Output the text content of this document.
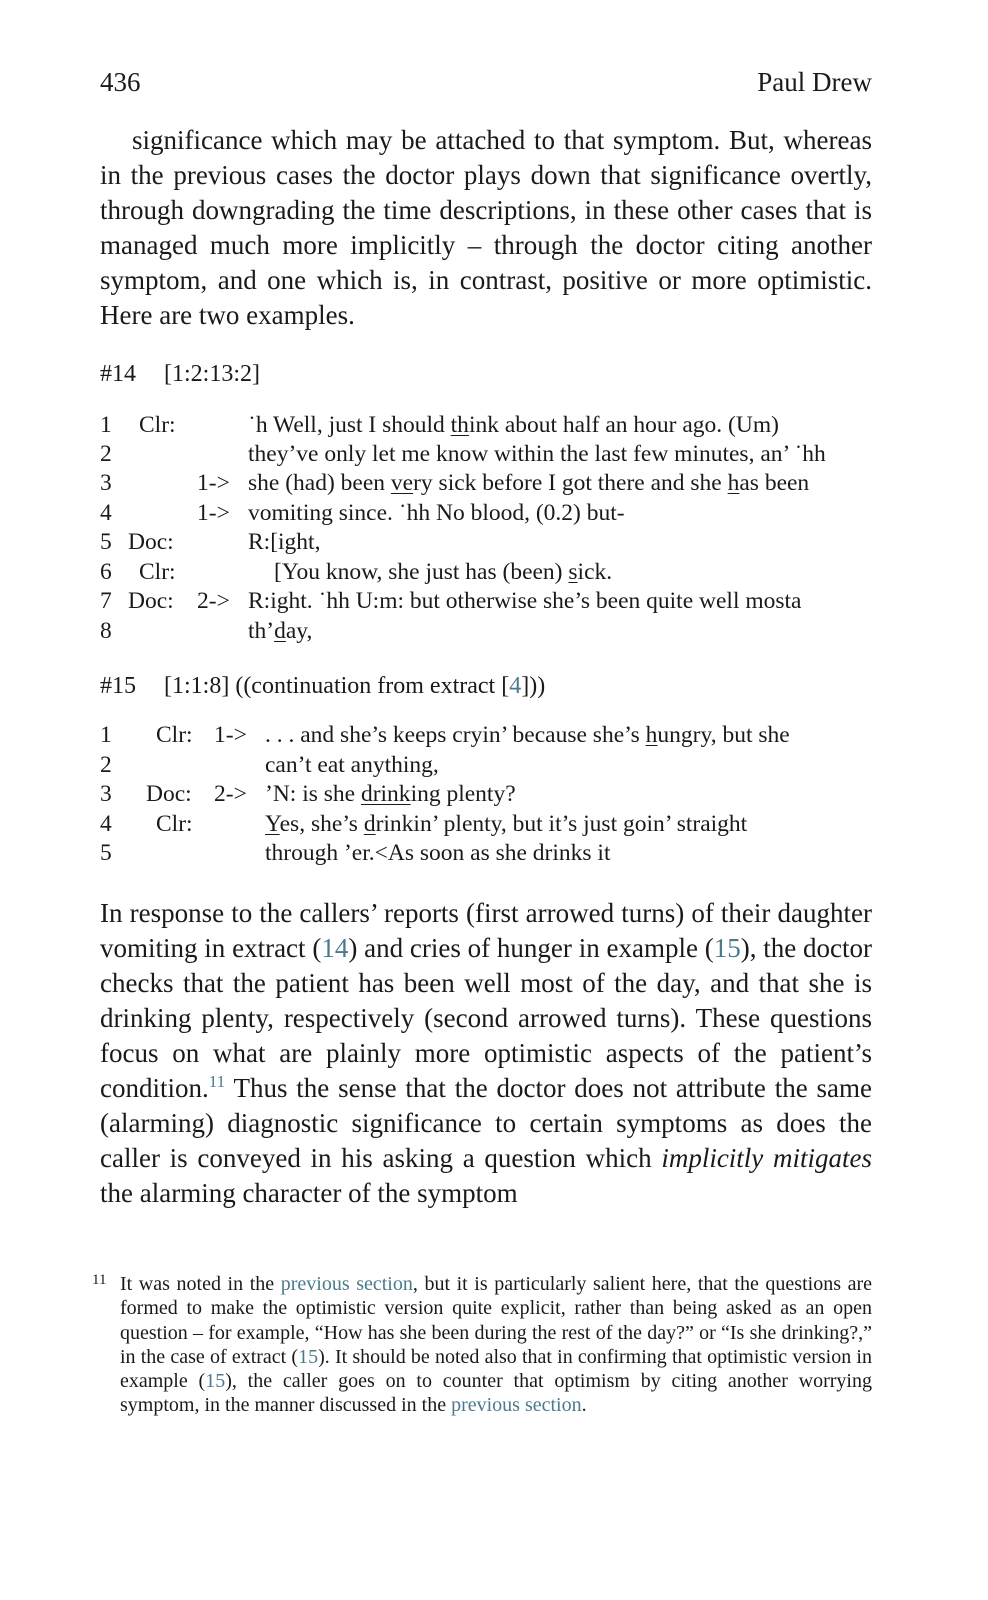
436	Paul Drew

significance which may be attached to that symptom. But, whereas in the previous cases the doctor plays down that significance overtly, through downgrading the time descriptions, in these other cases that is managed much more implicitly – through the doctor citing another symptom, and one which is, in contrast, positive or more optimistic. Here are two examples.

#14 [1:2:13:2]
1 Clr:	˙h Well, just I should think about half an hour ago. (Um)
2	they’ve only let me know within the last few minutes, an’ ˙hh
3	1-> she (had) been very sick before I got there and she has been
4	1-> vomiting since. ˙hh No blood, (0.2) but-
5 Doc:	R:[ight,
6 Clr:	[You know, she just has (been) sick.
7 Doc: 2-> R:ight. ˙hh U:m: but otherwise she’s been quite well mosta
8	th’day,
#15 [1:1:8] ((continuation from extract [4]))
1 Clr: 1-> . . . and she’s keeps cryin’ because she’s hungry, but she
2	can’t eat anything,
3 Doc: 2-> ’N: is she drinking plenty?
4 Clr:	Yes, she’s drinkin’ plenty, but it’s just goin’ straight
5	through ’er.<As soon as she drinks it

In response to the callers’ reports (first arrowed turns) of their daughter vomiting in extract (14) and cries of hunger in example (15), the doctor checks that the patient has been well most of the day, and that she is drinking plenty, respectively (second arrowed turns). These questions focus on what are plainly more optimistic aspects of the patient’s condition.$^{11}$ Thus the sense that the doctor does not attribute the same (alarming) diagnostic significance to certain symptoms as does the caller is conveyed in his asking a question which implicitly mitigates the alarming character of the symptom

11 It was noted in the previous section, but it is particularly salient here, that the questions are formed to make the optimistic version quite explicit, rather than being asked as an open question – for example, “How has she been during the rest of the day?” or “Is she drinking?,” in the case of extract (15). It should be noted also that in confirming that optimistic version in example (15), the caller goes on to counter that optimism by citing another worrying symptom, in the manner discussed in the previous section.
